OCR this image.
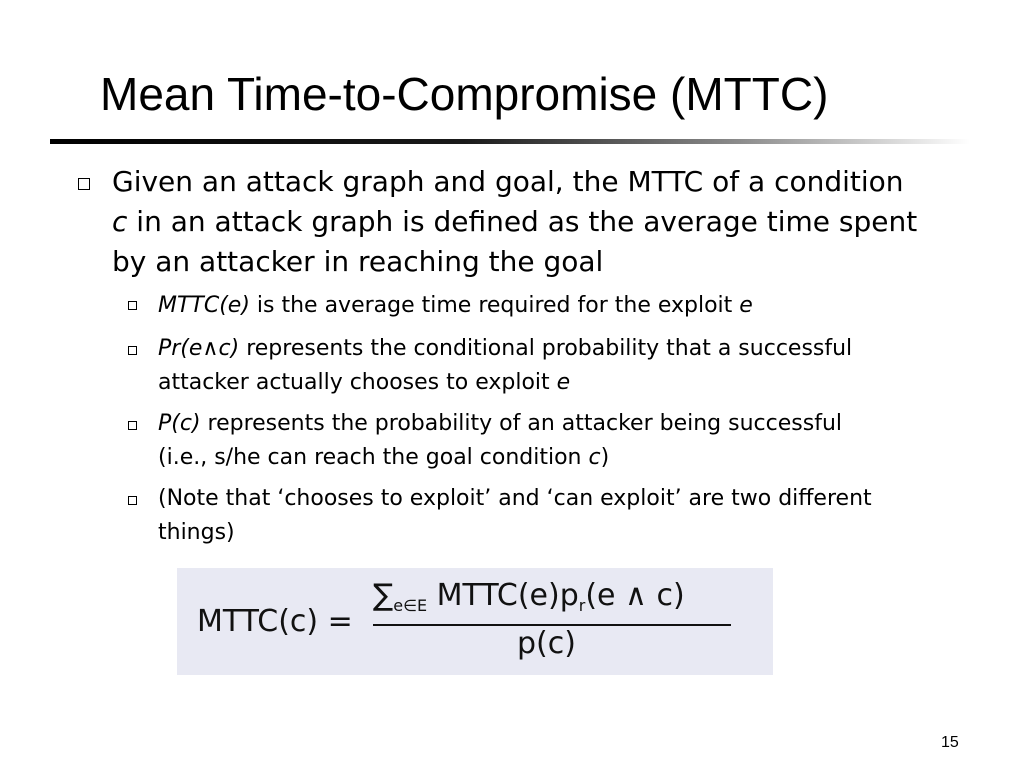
Mean Time-to-Compromise (MTTC)
Given an attack graph and goal, the MTTC of a condition
c in an attack graph is defined as the average time spent
by an attacker in reaching the goal
MTTC(e) is the average time required for the exploit e
Pr(e∧c) represents the conditional probability that a successful
attacker actually chooses to exploit e
P(c) represents the probability of an attacker being successful
(i.e., s/he can reach the goal condition c)
(Note that ‘chooses to exploit’ and ‘can exploit’ are two different
things)
MTTC(c) =
$\sum_{e\in E}$ $MTTC(e)p_r(e$ ∧ c)
p(c)
15
